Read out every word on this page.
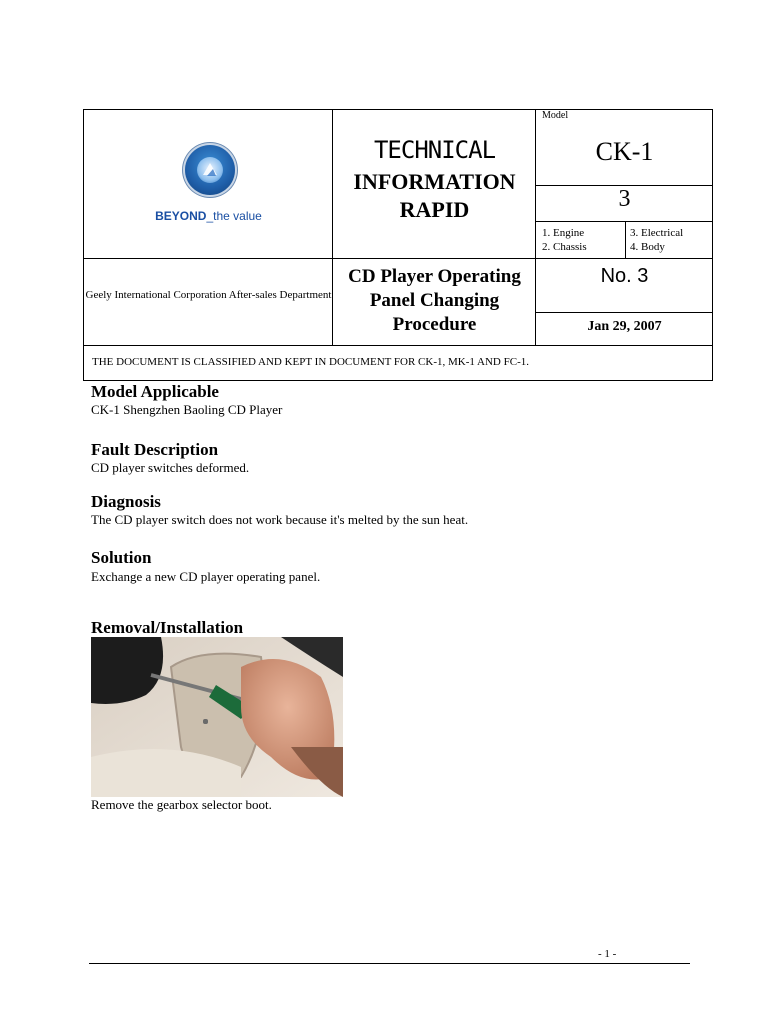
BEYOND_the value
TECHNICAL
INFORMATION
RAPID
Model
CK-1
3
1. Engine
2. Chassis
3. Electrical
4. Body
Geely International Corporation After-sales Department
CD Player Operating
Panel Changing
Procedure
No. 3
Jan 29, 2007
THE DOCUMENT IS CLASSIFIED AND KEPT IN DOCUMENT FOR CK-1, MK-1 AND FC-1.
Model Applicable
CK-1 Shengzhen Baoling CD Player
Fault Description
CD player switches deformed.
Diagnosis
The CD player switch does not work because it's melted by the sun heat.
Solution
Exchange a new CD player operating panel.
Removal/Installation
Remove the gearbox selector boot.
- 1 -
